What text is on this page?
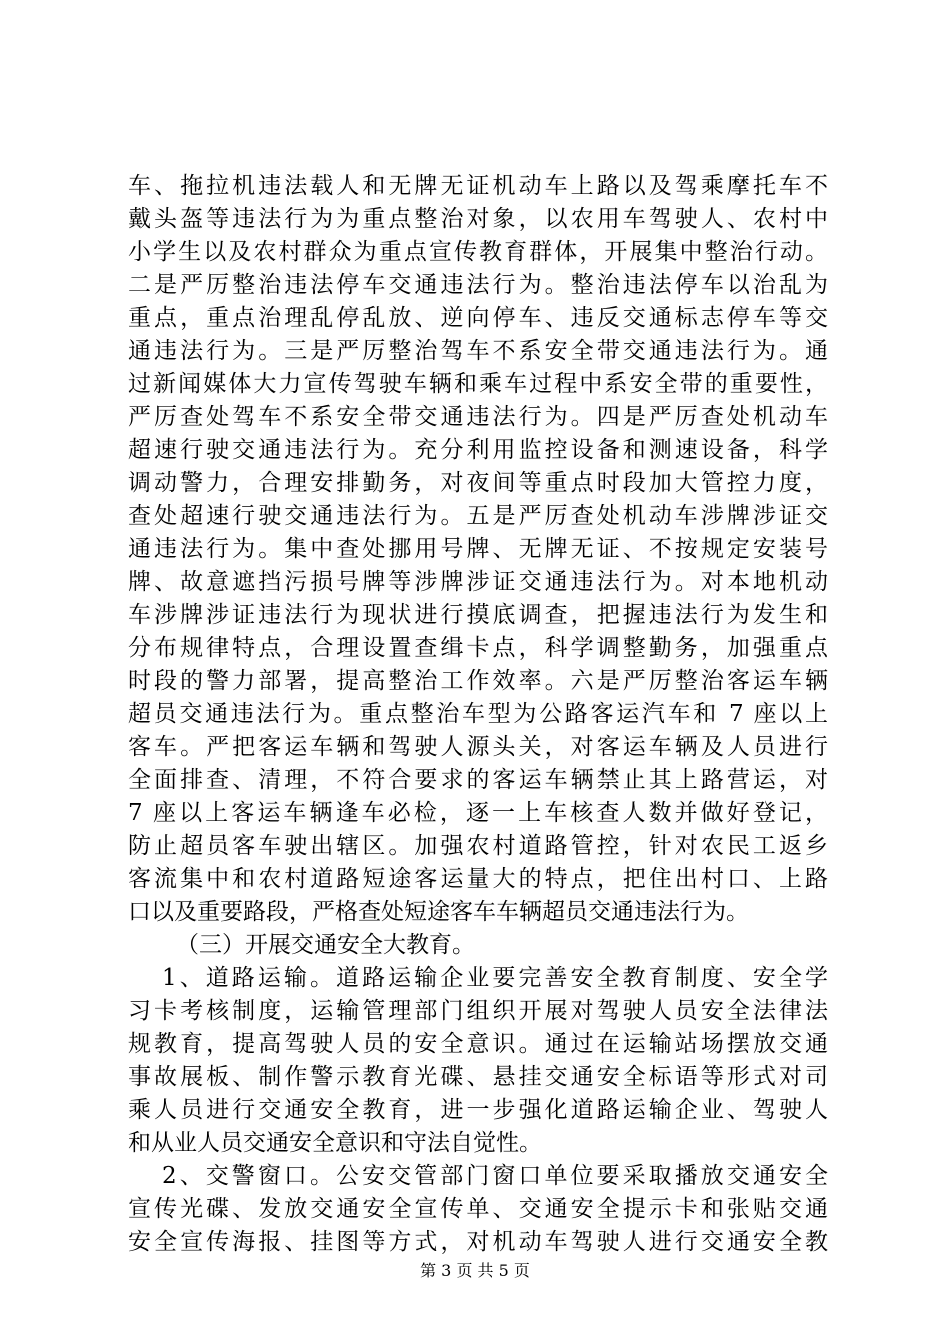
车、拖拉机违法载人和无牌无证机动车上路以及驾乘摩托车不
戴头盔等违法行为为重点整治对象，以农用车驾驶人、农村中
小学生以及农村群众为重点宣传教育群体，开展集中整治行动。
二是严厉整治违法停车交通违法行为。整治违法停车以治乱为
重点，重点治理乱停乱放、逆向停车、违反交通标志停车等交
通违法行为。三是严厉整治驾车不系安全带交通违法行为。通
过新闻媒体大力宣传驾驶车辆和乘车过程中系安全带的重要性，
严厉查处驾车不系安全带交通违法行为。四是严厉查处机动车
超速行驶交通违法行为。充分利用监控设备和测速设备，科学
调动警力，合理安排勤务，对夜间等重点时段加大管控力度，
查处超速行驶交通违法行为。五是严厉查处机动车涉牌涉证交
通违法行为。集中查处挪用号牌、无牌无证、不按规定安装号
牌、故意遮挡污损号牌等涉牌涉证交通违法行为。对本地机动
车涉牌涉证违法行为现状进行摸底调查，把握违法行为发生和
分布规律特点，合理设置查缉卡点，科学调整勤务，加强重点
时段的警力部署，提高整治工作效率。六是严厉整治客运车辆
超员交通违法行为。重点整治车型为公路客运汽车和 7 座以上
客车。严把客运车辆和驾驶人源头关，对客运车辆及人员进行
全面排查、清理，不符合要求的客运车辆禁止其上路营运，对
7 座以上客运车辆逢车必检，逐一上车核查人数并做好登记，
防止超员客车驶出辖区。加强农村道路管控，针对农民工返乡
客流集中和农村道路短途客运量大的特点，把住出村口、上路
口以及重要路段，严格查处短途客车车辆超员交通违法行为。
（三）开展交通安全大教育。
1、道路运输。道路运输企业要完善安全教育制度、安全学
习卡考核制度，运输管理部门组织开展对驾驶人员安全法律法
规教育，提高驾驶人员的安全意识。通过在运输站场摆放交通
事故展板、制作警示教育光碟、悬挂交通安全标语等形式对司
乘人员进行交通安全教育，进一步强化道路运输企业、驾驶人
和从业人员交通安全意识和守法自觉性。
2、交警窗口。公安交管部门窗口单位要采取播放交通安全
宣传光碟、发放交通安全宣传单、交通安全提示卡和张贴交通
安全宣传海报、挂图等方式，对机动车驾驶人进行交通安全教
第 3 页 共 5 页
